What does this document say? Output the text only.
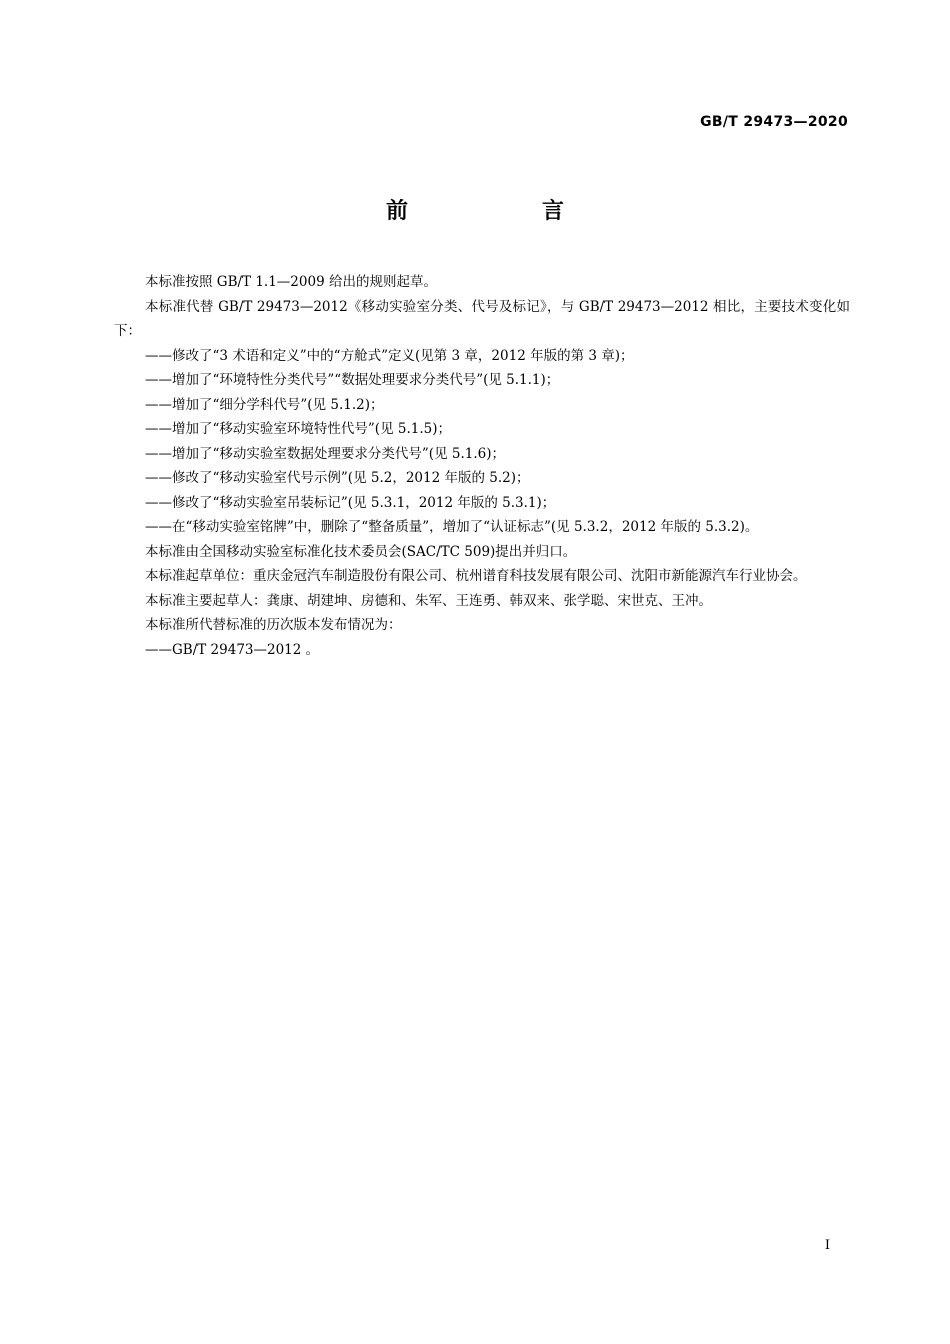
GB/T 29473—2020
前　言

本标准按照 GB/T 1.1—2009 给出的规则起草。

本标准代替 GB/T 29473—2012《移动实验室分类、代号及标记》，与 GB/T 29473—2012 相比，主要技术变化如下：

——修改了“3 术语和定义”中的“方舱式”定义(见第 3 章，2012 年版的第 3 章)；

——增加了“环境特性分类代号”“数据处理要求分类代号”(见 5.1.1)；

——增加了“细分学科代号”(见 5.1.2)；

——增加了“移动实验室环境特性代号”(见 5.1.5)；

——增加了“移动实验室数据处理要求分类代号”(见 5.1.6)；

——修改了“移动实验室代号示例”(见 5.2，2012 年版的 5.2)；

——修改了“移动实验室吊装标记”(见 5.3.1，2012 年版的 5.3.1)；

——在“移动实验室铭牌”中，删除了“整备质量”，增加了“认证标志”(见 5.3.2，2012 年版的 5.3.2)。

本标准由全国移动实验室标准化技术委员会(SAC/TC 509)提出并归口。

本标准起草单位：重庆金冠汽车制造股份有限公司、杭州谱育科技发展有限公司、沈阳市新能源汽车行业协会。

本标准主要起草人：龚康、胡建坤、房德和、朱军、王连勇、韩双来、张学聪、宋世克、王冲。

本标准所代替标准的历次版本发布情况为：

——GB/T 29473—2012 。

I
